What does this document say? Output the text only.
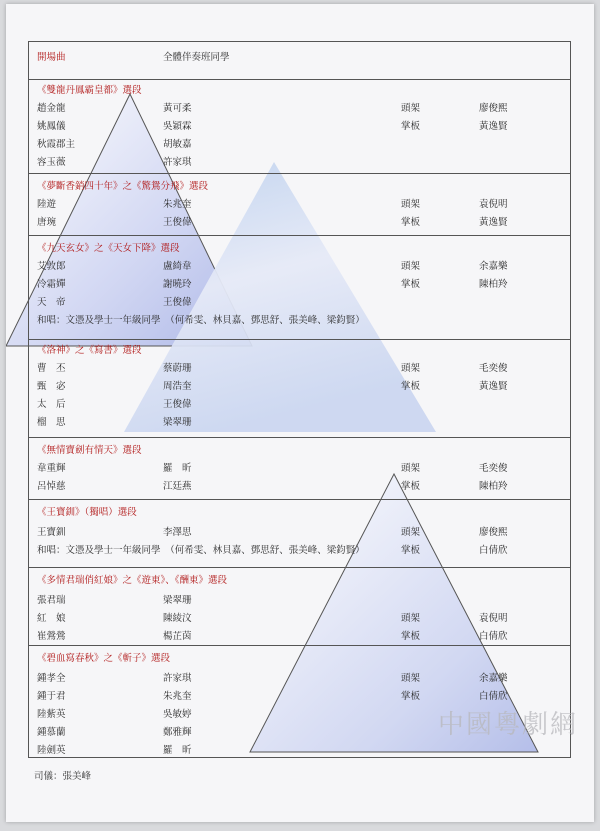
開場曲	全體伴奏班同學
《雙龍丹鳳霸皇都》選段
趙金龍	黃可柔	頭架	廖俊熙
姚鳳儀	吳穎霖	掌板	黃逸賢
秋霞郡主	胡敏嘉
容玉薇	許家琪
《夢斷香銷四十年》之《驚鴛分飛》選段
陸遊	朱兆奎	頭架	袁倪明
唐琬	王俊偉	掌板	黃逸賢
《九天玄女》之《天女下降》選段
艾敦郎	盧綺韋	頭架	余嘉樂
冷霜嬋	謝曉玲	掌板	陳柏羚
天　帝	王俊偉
和唱：文憑及學士一年級同學　（何希雯、林貝嘉、鄧思舒、張美峰、梁鈞賢）
《洛神》之《寫書》選段
曹　丕	蔡蔚珊	頭架	毛奕俊
甄　宓	周浩奎	掌板	黃逸賢
太　后	王俊偉
榴　思	梁翠珊
《無情寶劍有情天》選段
韋重輝	羅　昕	頭架	毛奕俊
呂悼慈	江廷燕	掌板	陳柏羚
《王寶釧》（獨唱）選段
王寶釧	李澤思	頭架	廖俊熙
和唱：文憑及學士一年級同學　（何希雯、林貝嘉、鄧思舒、張美峰、梁鈞賢）	掌板	白倩欣
《多情君瑞俏紅娘》之《遊東》、《酬東》選段
張君瑞	梁翠珊
紅　娘	陳綾汶	頭架	袁倪明
崔鶯鶯	楊芷茵	掌板	白倩欣
《碧血寫春秋》之《斬子》選段
鍾孝全	許家琪	頭架	余嘉樂
鍾于君	朱兆奎	掌板	白倩欣
陸紫英	吳敏婷
鍾慕蘭	鄭雅輝
陸劍英	羅　昕
司儀：張美峰
中國粵劇網
